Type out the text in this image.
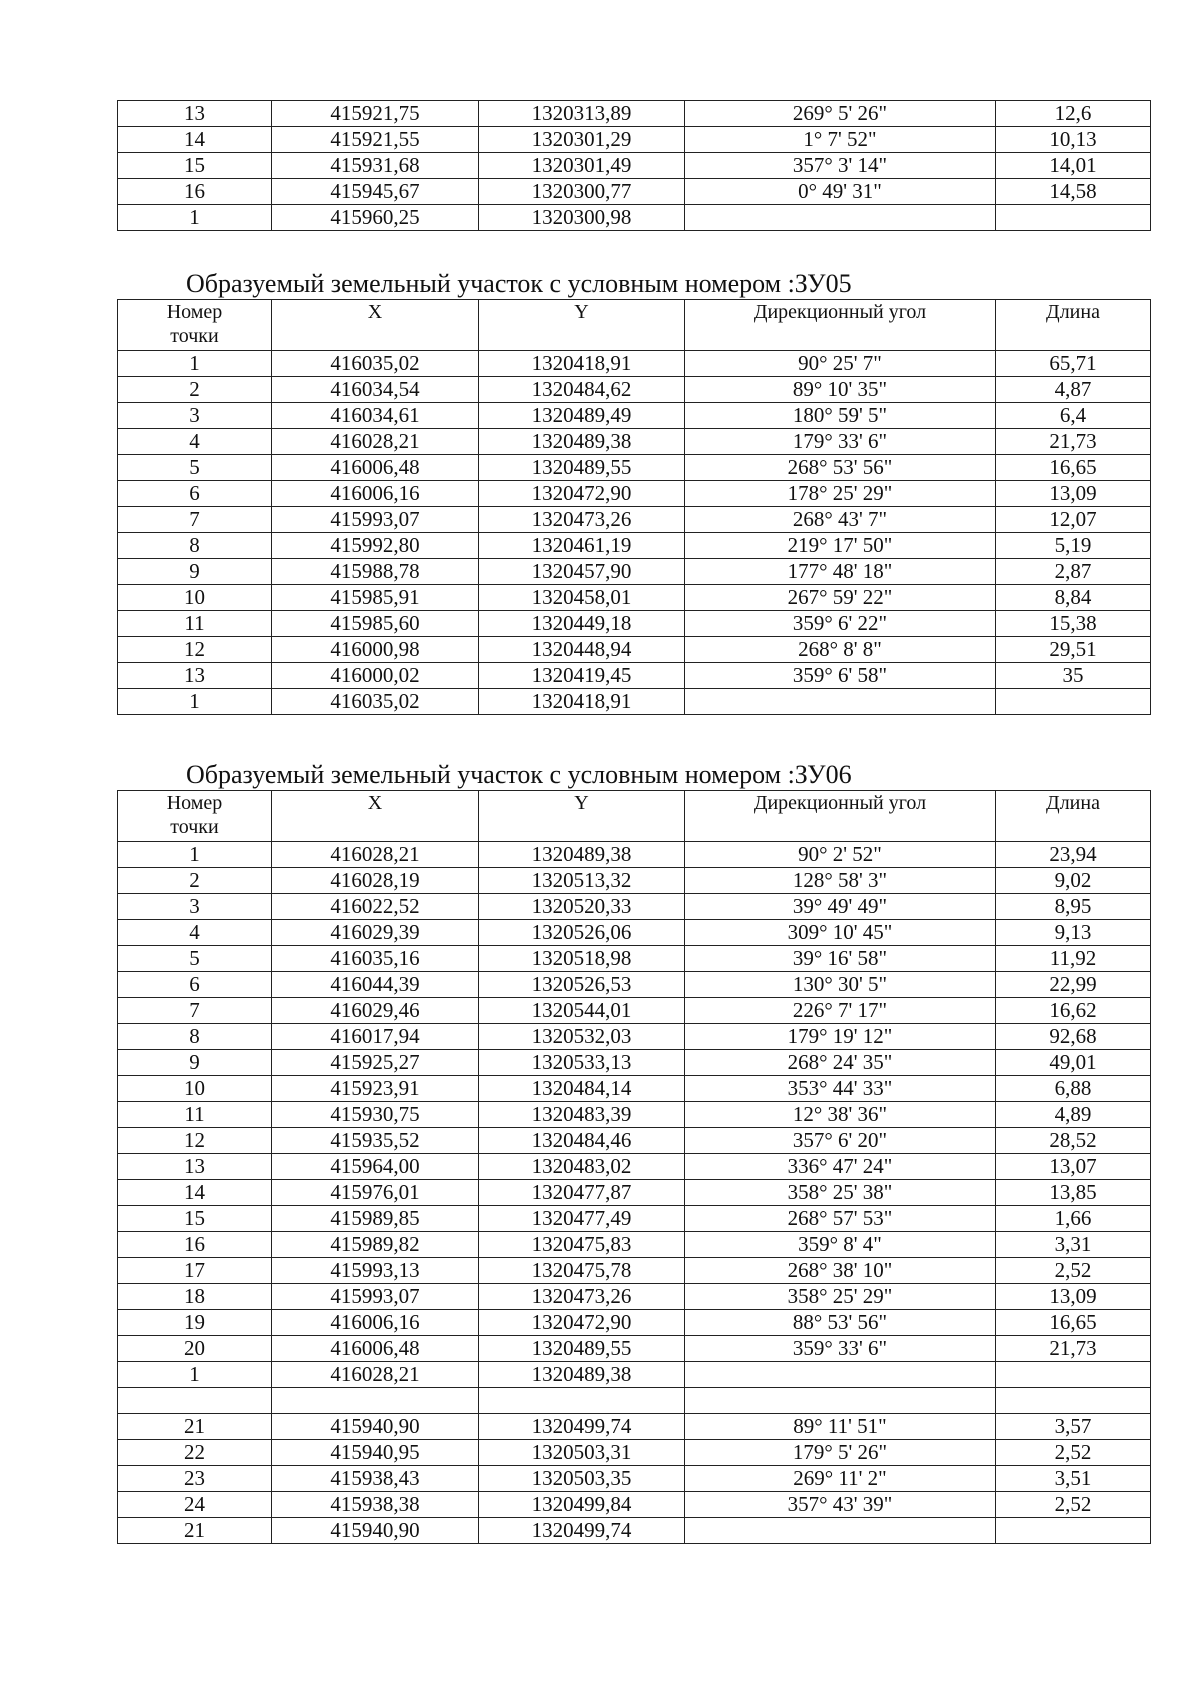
13	415921,75	1320313,89	269° 5' 26"	12,6
14	415921,55	1320301,29	1° 7' 52"	10,13
15	415931,68	1320301,49	357° 3' 14"	14,01
16	415945,67	1320300,77	0° 49' 31"	14,58
1	415960,25	1320300,98		
Образуемый земельный участок с условным номером :ЗУ05
Номер
точки	X	Y	Дирекционный угол	Длина
1	416035,02	1320418,91	90° 25' 7"	65,71
2	416034,54	1320484,62	89° 10' 35"	4,87
3	416034,61	1320489,49	180° 59' 5"	6,4
4	416028,21	1320489,38	179° 33' 6"	21,73
5	416006,48	1320489,55	268° 53' 56"	16,65
6	416006,16	1320472,90	178° 25' 29"	13,09
7	415993,07	1320473,26	268° 43' 7"	12,07
8	415992,80	1320461,19	219° 17' 50"	5,19
9	415988,78	1320457,90	177° 48' 18"	2,87
10	415985,91	1320458,01	267° 59' 22"	8,84
11	415985,60	1320449,18	359° 6' 22"	15,38
12	416000,98	1320448,94	268° 8' 8"	29,51
13	416000,02	1320419,45	359° 6' 58"	35
1	416035,02	1320418,91		
Образуемый земельный участок с условным номером :ЗУ06
Номер
точки	X	Y	Дирекционный угол	Длина
1	416028,21	1320489,38	90° 2' 52"	23,94
2	416028,19	1320513,32	128° 58' 3"	9,02
3	416022,52	1320520,33	39° 49' 49"	8,95
4	416029,39	1320526,06	309° 10' 45"	9,13
5	416035,16	1320518,98	39° 16' 58"	11,92
6	416044,39	1320526,53	130° 30' 5"	22,99
7	416029,46	1320544,01	226° 7' 17"	16,62
8	416017,94	1320532,03	179° 19' 12"	92,68
9	415925,27	1320533,13	268° 24' 35"	49,01
10	415923,91	1320484,14	353° 44' 33"	6,88
11	415930,75	1320483,39	12° 38' 36"	4,89
12	415935,52	1320484,46	357° 6' 20"	28,52
13	415964,00	1320483,02	336° 47' 24"	13,07
14	415976,01	1320477,87	358° 25' 38"	13,85
15	415989,85	1320477,49	268° 57' 53"	1,66
16	415989,82	1320475,83	359° 8' 4"	3,31
17	415993,13	1320475,78	268° 38' 10"	2,52
18	415993,07	1320473,26	358° 25' 29"	13,09
19	416006,16	1320472,90	88° 53' 56"	16,65
20	416006,48	1320489,55	359° 33' 6"	21,73
1	416028,21	1320489,38		

21	415940,90	1320499,74	89° 11' 51"	3,57
22	415940,95	1320503,31	179° 5' 26"	2,52
23	415938,43	1320503,35	269° 11' 2"	3,51
24	415938,38	1320499,84	357° 43' 39"	2,52
21	415940,90	1320499,74		
